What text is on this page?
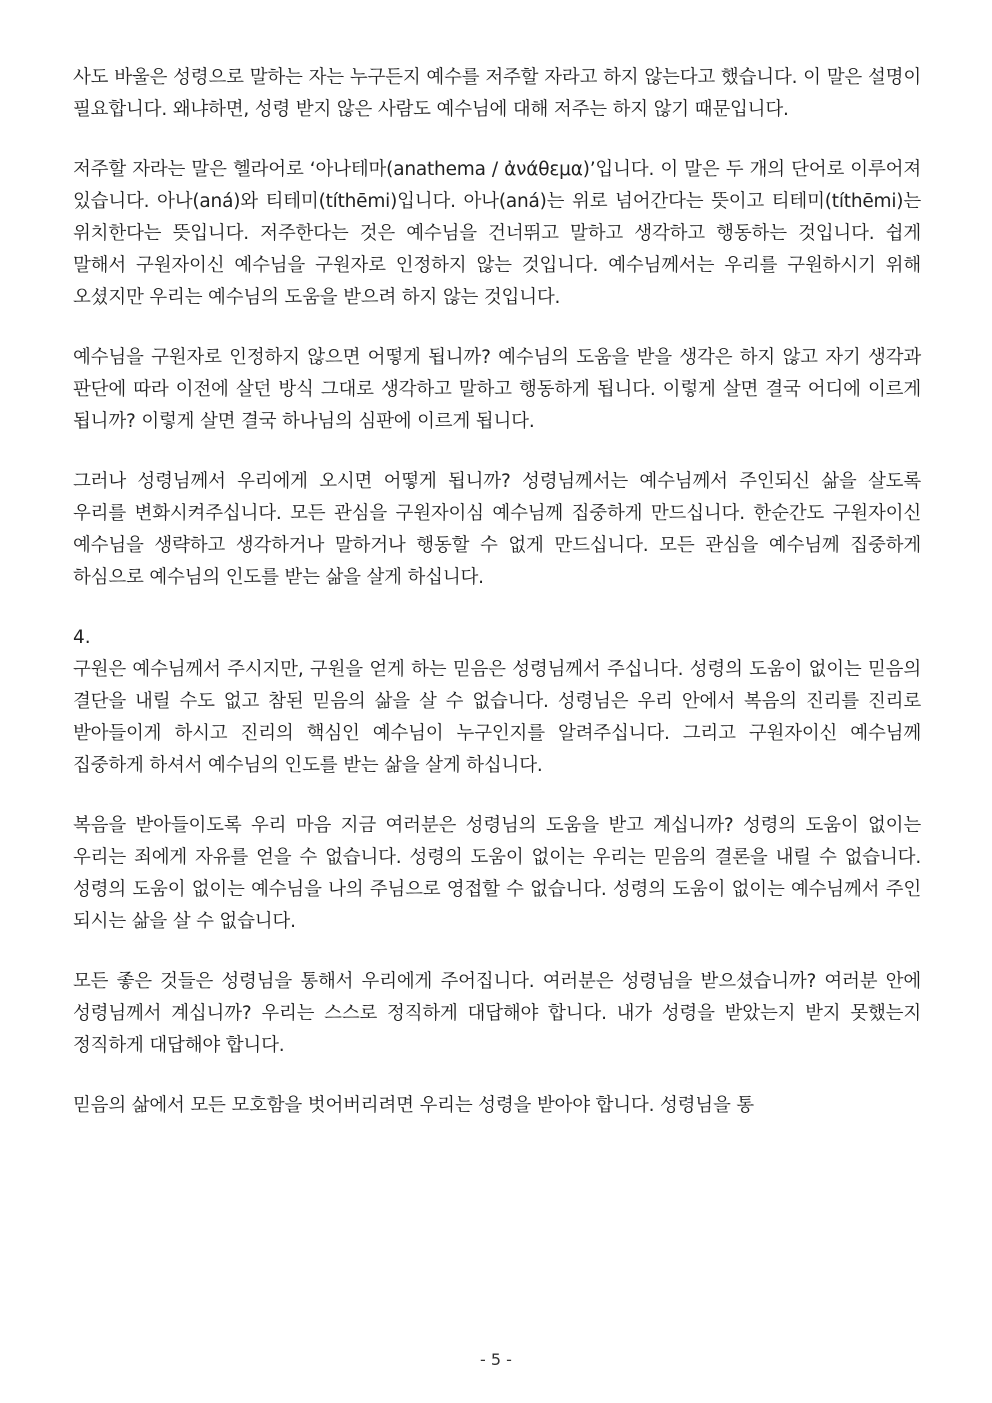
사도 바울은 성령으로 말하는 자는 누구든지 예수를 저주할 자라고 하지 않는다고 했습니다. 이 말은 설명이 필요합니다. 왜냐하면, 성령 받지 않은 사람도 예수님에 대해 저주는 하지 않기 때문입니다.

저주할 자라는 말은 헬라어로 ‘아나테마(anathema / ἀνάθεμα)’입니다. 이 말은 두 개의 단어로 이루어져 있습니다. 아나(aná)와 티테미(títhēmi)입니다. 아나(aná)는 위로 넘어간다는 뜻이고 티테미(títhēmi)는 위치한다는 뜻입니다. 저주한다는 것은 예수님을 건너뛰고 말하고 생각하고 행동하는 것입니다. 쉽게 말해서 구원자이신 예수님을 구원자로 인정하지 않는 것입니다. 예수님께서는 우리를 구원하시기 위해 오셨지만 우리는 예수님의 도움을 받으려 하지 않는 것입니다.

예수님을 구원자로 인정하지 않으면 어떻게 됩니까? 예수님의 도움을 받을 생각은 하지 않고 자기 생각과 판단에 따라 이전에 살던 방식 그대로 생각하고 말하고 행동하게 됩니다. 이렇게 살면 결국 어디에 이르게 됩니까? 이렇게 살면 결국 하나님의 심판에 이르게 됩니다.

그러나 성령님께서 우리에게 오시면 어떻게 됩니까? 성령님께서는 예수님께서 주인되신 삶을 살도록 우리를 변화시켜주십니다. 모든 관심을 구원자이심 예수님께 집중하게 만드십니다. 한순간도 구원자이신 예수님을 생략하고 생각하거나 말하거나 행동할 수 없게 만드십니다. 모든 관심을 예수님께 집중하게 하심으로 예수님의 인도를 받는 삶을 살게 하십니다.

4.

구원은 예수님께서 주시지만, 구원을 얻게 하는 믿음은 성령님께서 주십니다. 성령의 도움이 없이는 믿음의 결단을 내릴 수도 없고 참된 믿음의 삶을 살 수 없습니다. 성령님은 우리 안에서 복음의 진리를 진리로 받아들이게 하시고 진리의 핵심인 예수님이 누구인지를 알려주십니다. 그리고 구원자이신 예수님께 집중하게 하셔서 예수님의 인도를 받는 삶을 살게 하십니다.

복음을 받아들이도록 우리 마음 지금 여러분은 성령님의 도움을 받고 계십니까? 성령의 도움이 없이는 우리는 죄에게 자유를 얻을 수 없습니다. 성령의 도움이 없이는 우리는 믿음의 결론을 내릴 수 없습니다. 성령의 도움이 없이는 예수님을 나의 주님으로 영접할 수 없습니다. 성령의 도움이 없이는 예수님께서 주인 되시는 삶을 살 수 없습니다.

모든 좋은 것들은 성령님을 통해서 우리에게 주어집니다. 여러분은 성령님을 받으셨습니까? 여러분 안에 성령님께서 계십니까? 우리는 스스로 정직하게 대답해야 합니다. 내가 성령을 받았는지 받지 못했는지 정직하게 대답해야 합니다.

믿음의 삶에서 모든 모호함을 벗어버리려면 우리는 성령을 받아야 합니다. 성령님을 통

- 5 -
